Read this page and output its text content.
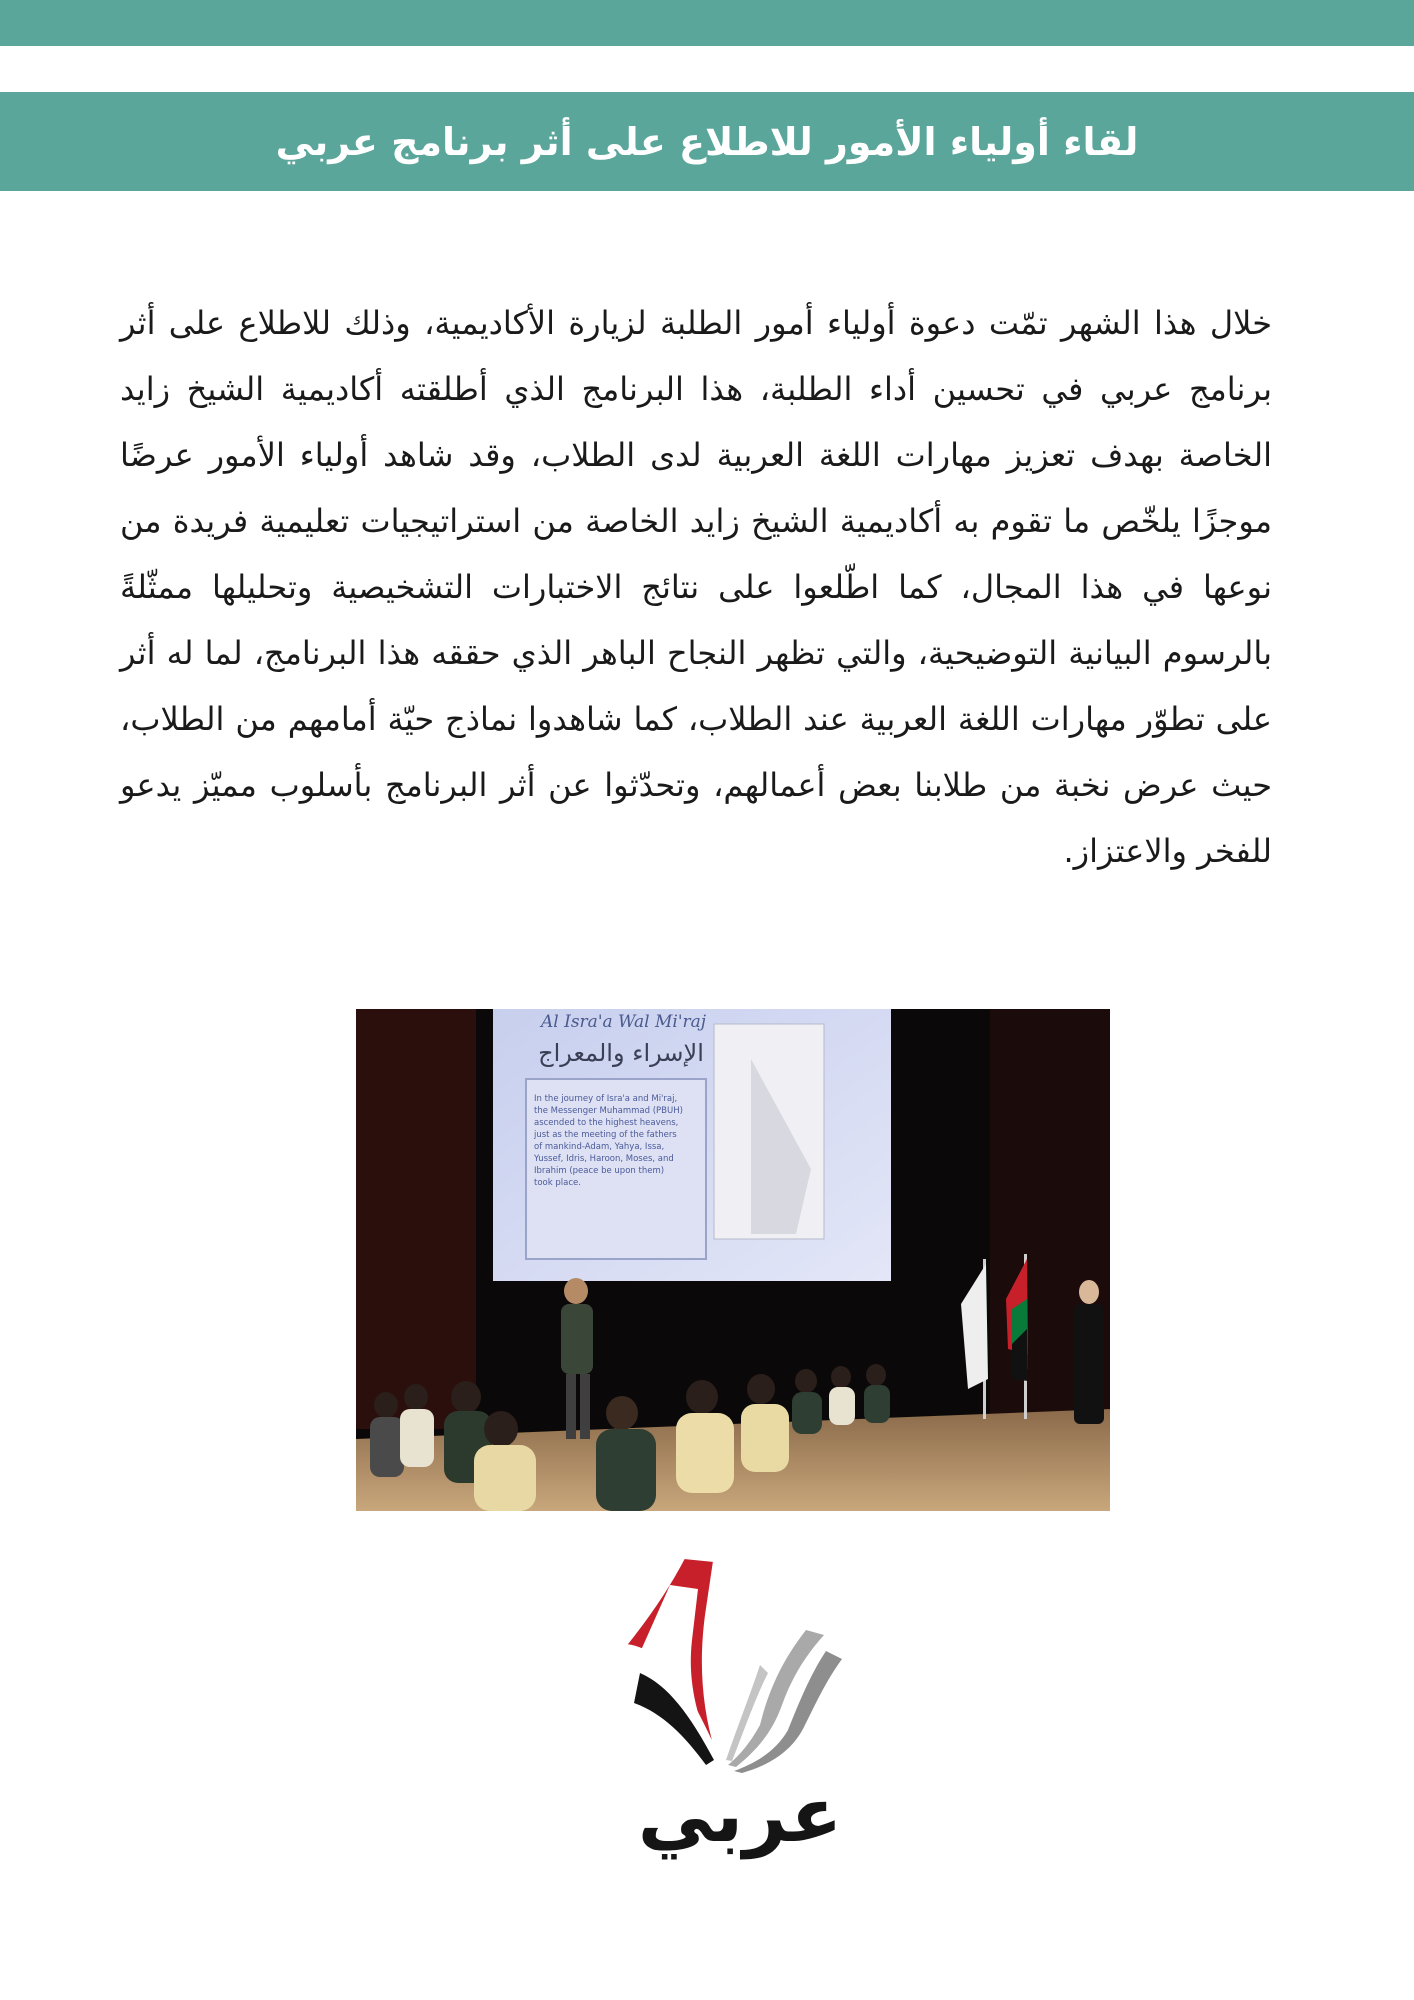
لقاء أولياء الأمور للاطلاع على أثر برنامج عربي

خلال هذا الشهر تمّت دعوة أولياء أمور الطلبة لزيارة الأكاديمية، وذلك للاطلاع على أثر برنامج عربي في تحسين أداء الطلبة، هذا البرنامج الذي أطلقته أكاديمية الشيخ زايد الخاصة بهدف تعزيز مهارات اللغة العربية لدى الطلاب، وقد شاهد أولياء الأمور عرضًا موجزًا يلخّص ما تقوم به أكاديمية الشيخ زايد الخاصة من استراتيجيات تعليمية فريدة من نوعها في هذا المجال، كما اطّلعوا على نتائج الاختبارات التشخيصية وتحليلها ممثّلةً بالرسوم البيانية التوضيحية، والتي تظهر النجاح الباهر الذي حققه هذا البرنامج، لما له أثر على تطوّر مهارات اللغة العربية عند الطلاب، كما شاهدوا نماذج حيّة أمامهم من الطلاب، حيث عرض نخبة من طلابنا بعض أعمالهم، وتحدّثوا عن أثر البرنامج بأسلوب مميّز يدعو للفخر والاعتزاز.

Al Isra'a Wal Mi'raj
الإسراء والمعراج
In the journey of Isra'a and Mi'raj,
the Messenger Muhammad (PBUH)
ascended to the highest heavens,
just as the meeting of the fathers
of mankind-Adam, Yahya, Issa,
Yussef, Idris, Haroon, Moses, and
Ibrahim (peace be upon them)
took place.
عربي
